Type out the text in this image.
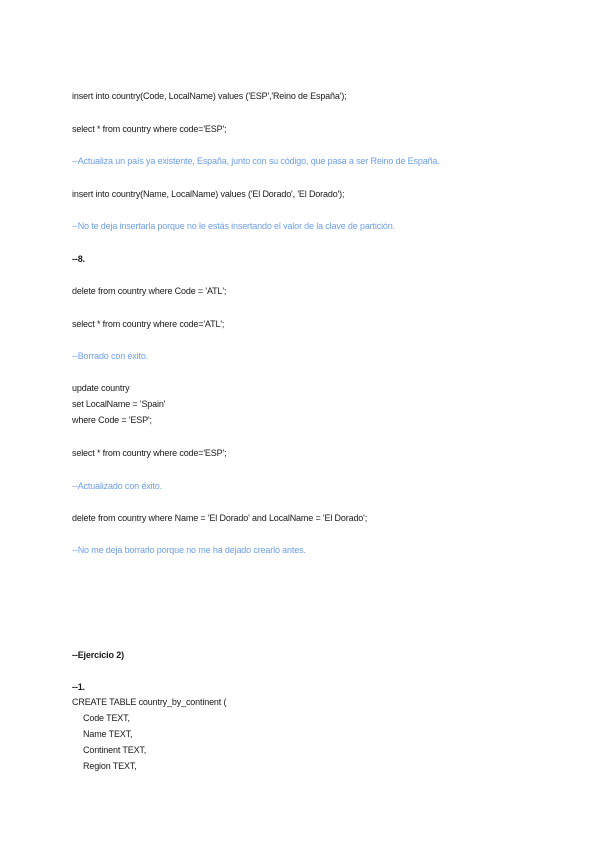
insert into country(Code, LocalName) values ('ESP','Reino de España');
select * from country where code='ESP';
--Actualiza un país ya existente, España, junto con su código, que pasa a ser Reino de España.
insert into country(Name, LocalName) values ('El Dorado', 'El Dorado');
--No te deja insertarla porque no le estás insertando el valor de la clave de partición.
--8.
delete from country where Code = 'ATL';
select * from country where code='ATL';
--Borrado con éxito.
update country
set LocalName = 'Spain'
where Code = 'ESP';
select * from country where code='ESP';
--Actualizado con éxito.
delete from country where Name = 'El Dorado' and LocalName = 'El Dorado';
--No me deja borrarlo porque no me ha dejado crearlo antes.
--Ejercicio 2)
--1.
CREATE TABLE country_by_continent (
Code TEXT,
Name TEXT,
Continent TEXT,
Region TEXT,
